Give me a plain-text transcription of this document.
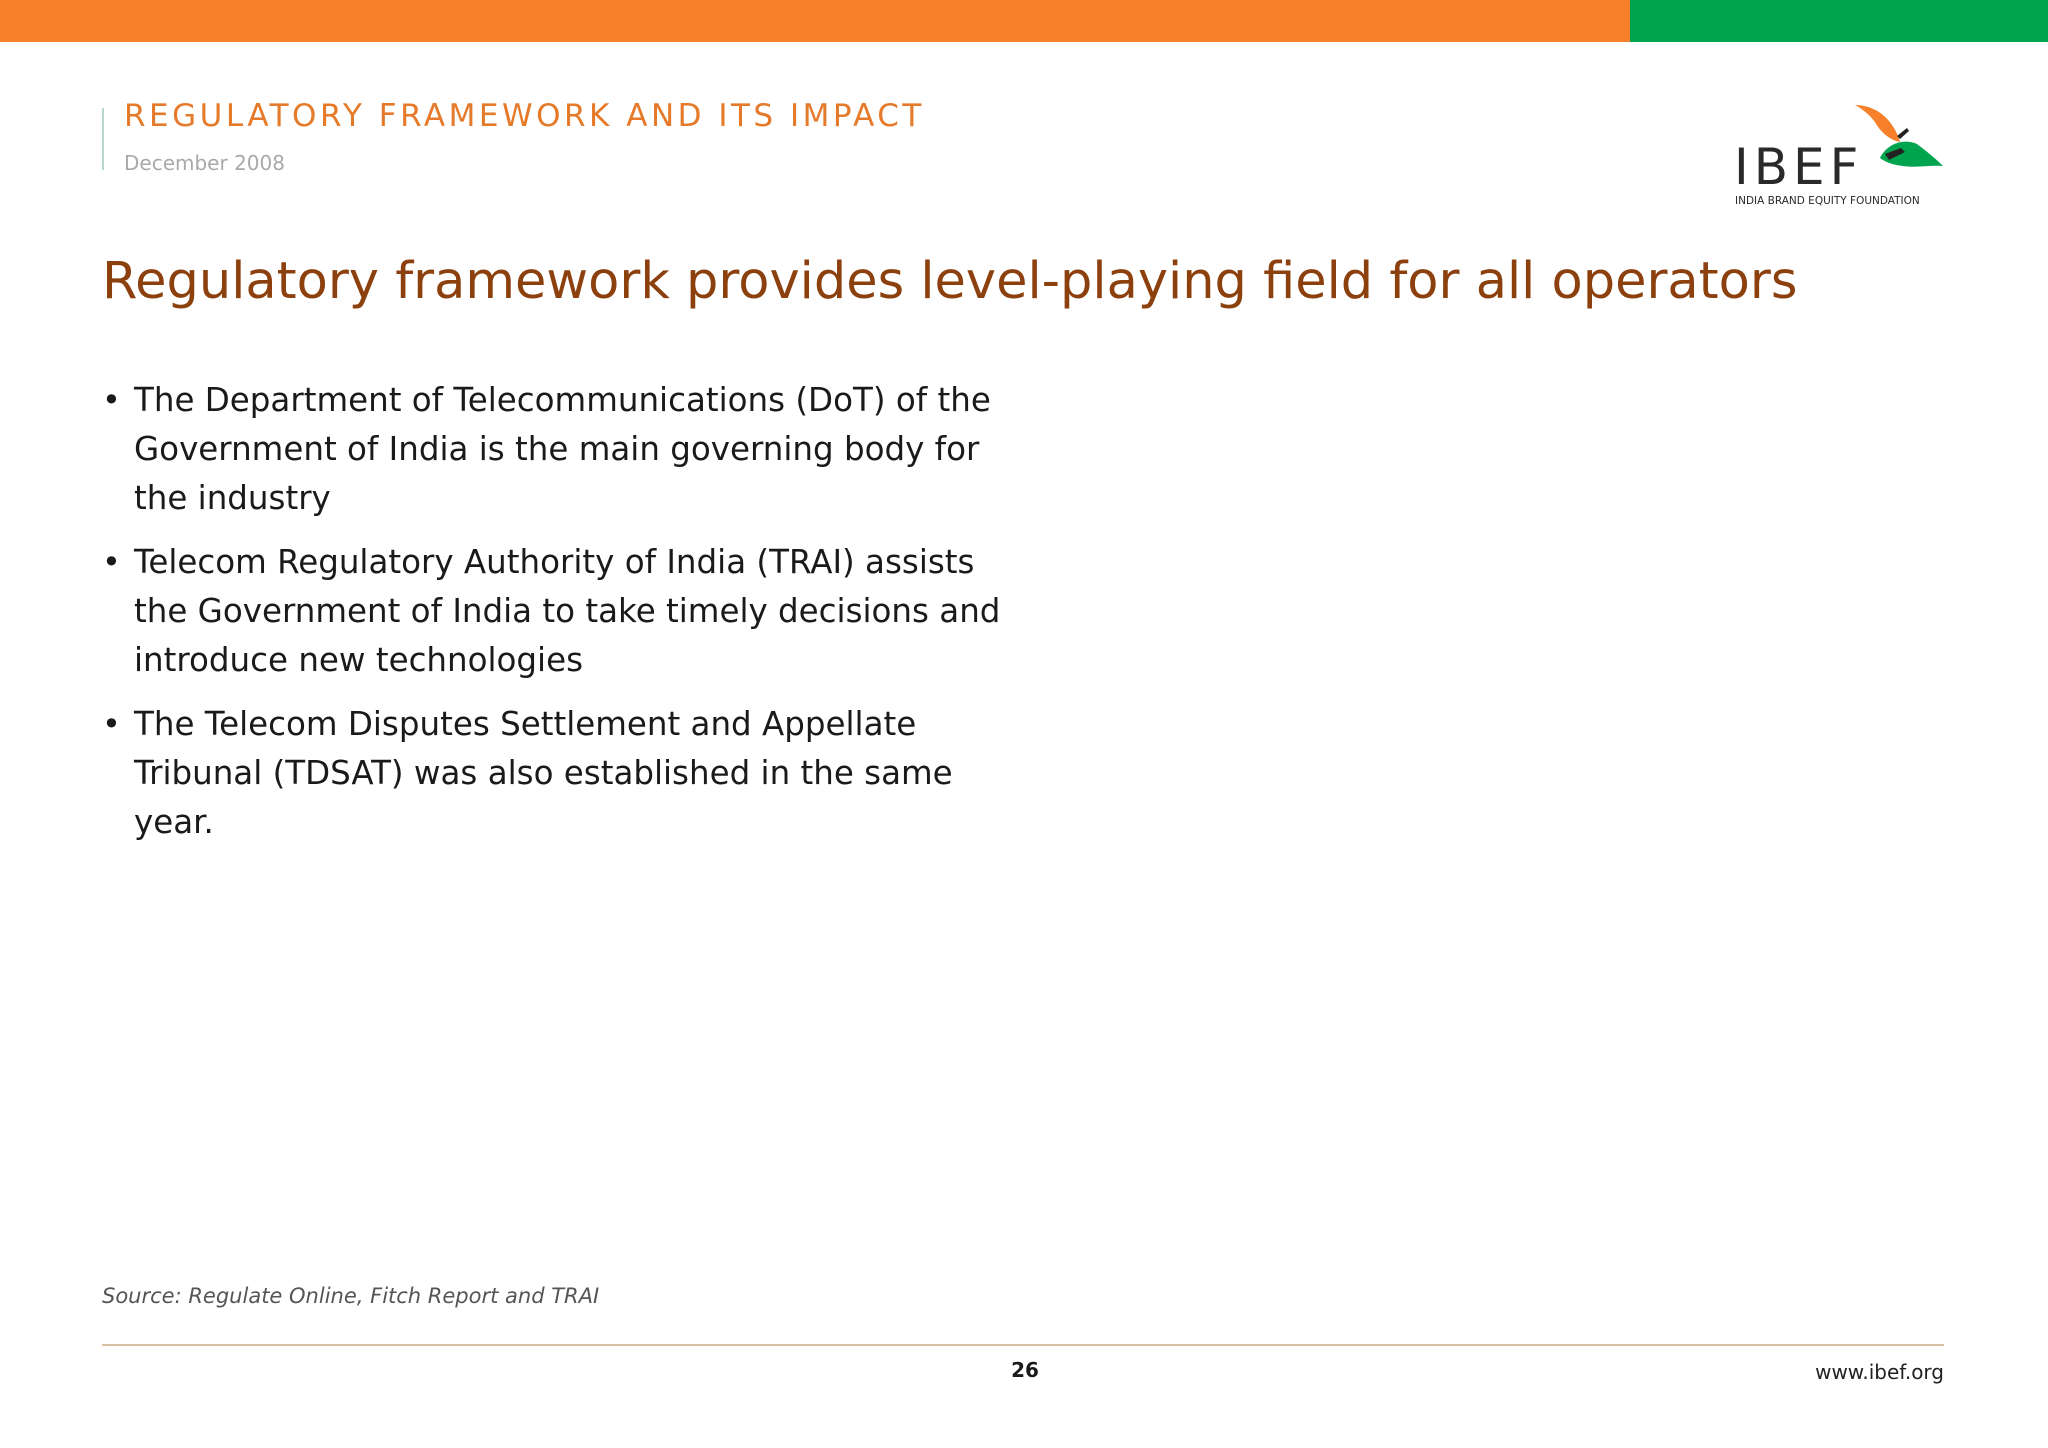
REGULATORY FRAMEWORK AND ITS IMPACT
December 2008	IBEF
INDIA BRAND EQUITY FOUNDATION
Regulatory framework provides level-playing field for all operators
• The Department of Telecommunications (DoT) of the Government of India is the main governing body for the industry
• Telecom Regulatory Authority of India (TRAI) assists the Government of India to take timely decisions and introduce new technologies
• The Telecom Disputes Settlement and Appellate Tribunal (TDSAT) was also established in the same year.
Source: Regulate Online, Fitch Report and TRAI
26	www.ibef.org
